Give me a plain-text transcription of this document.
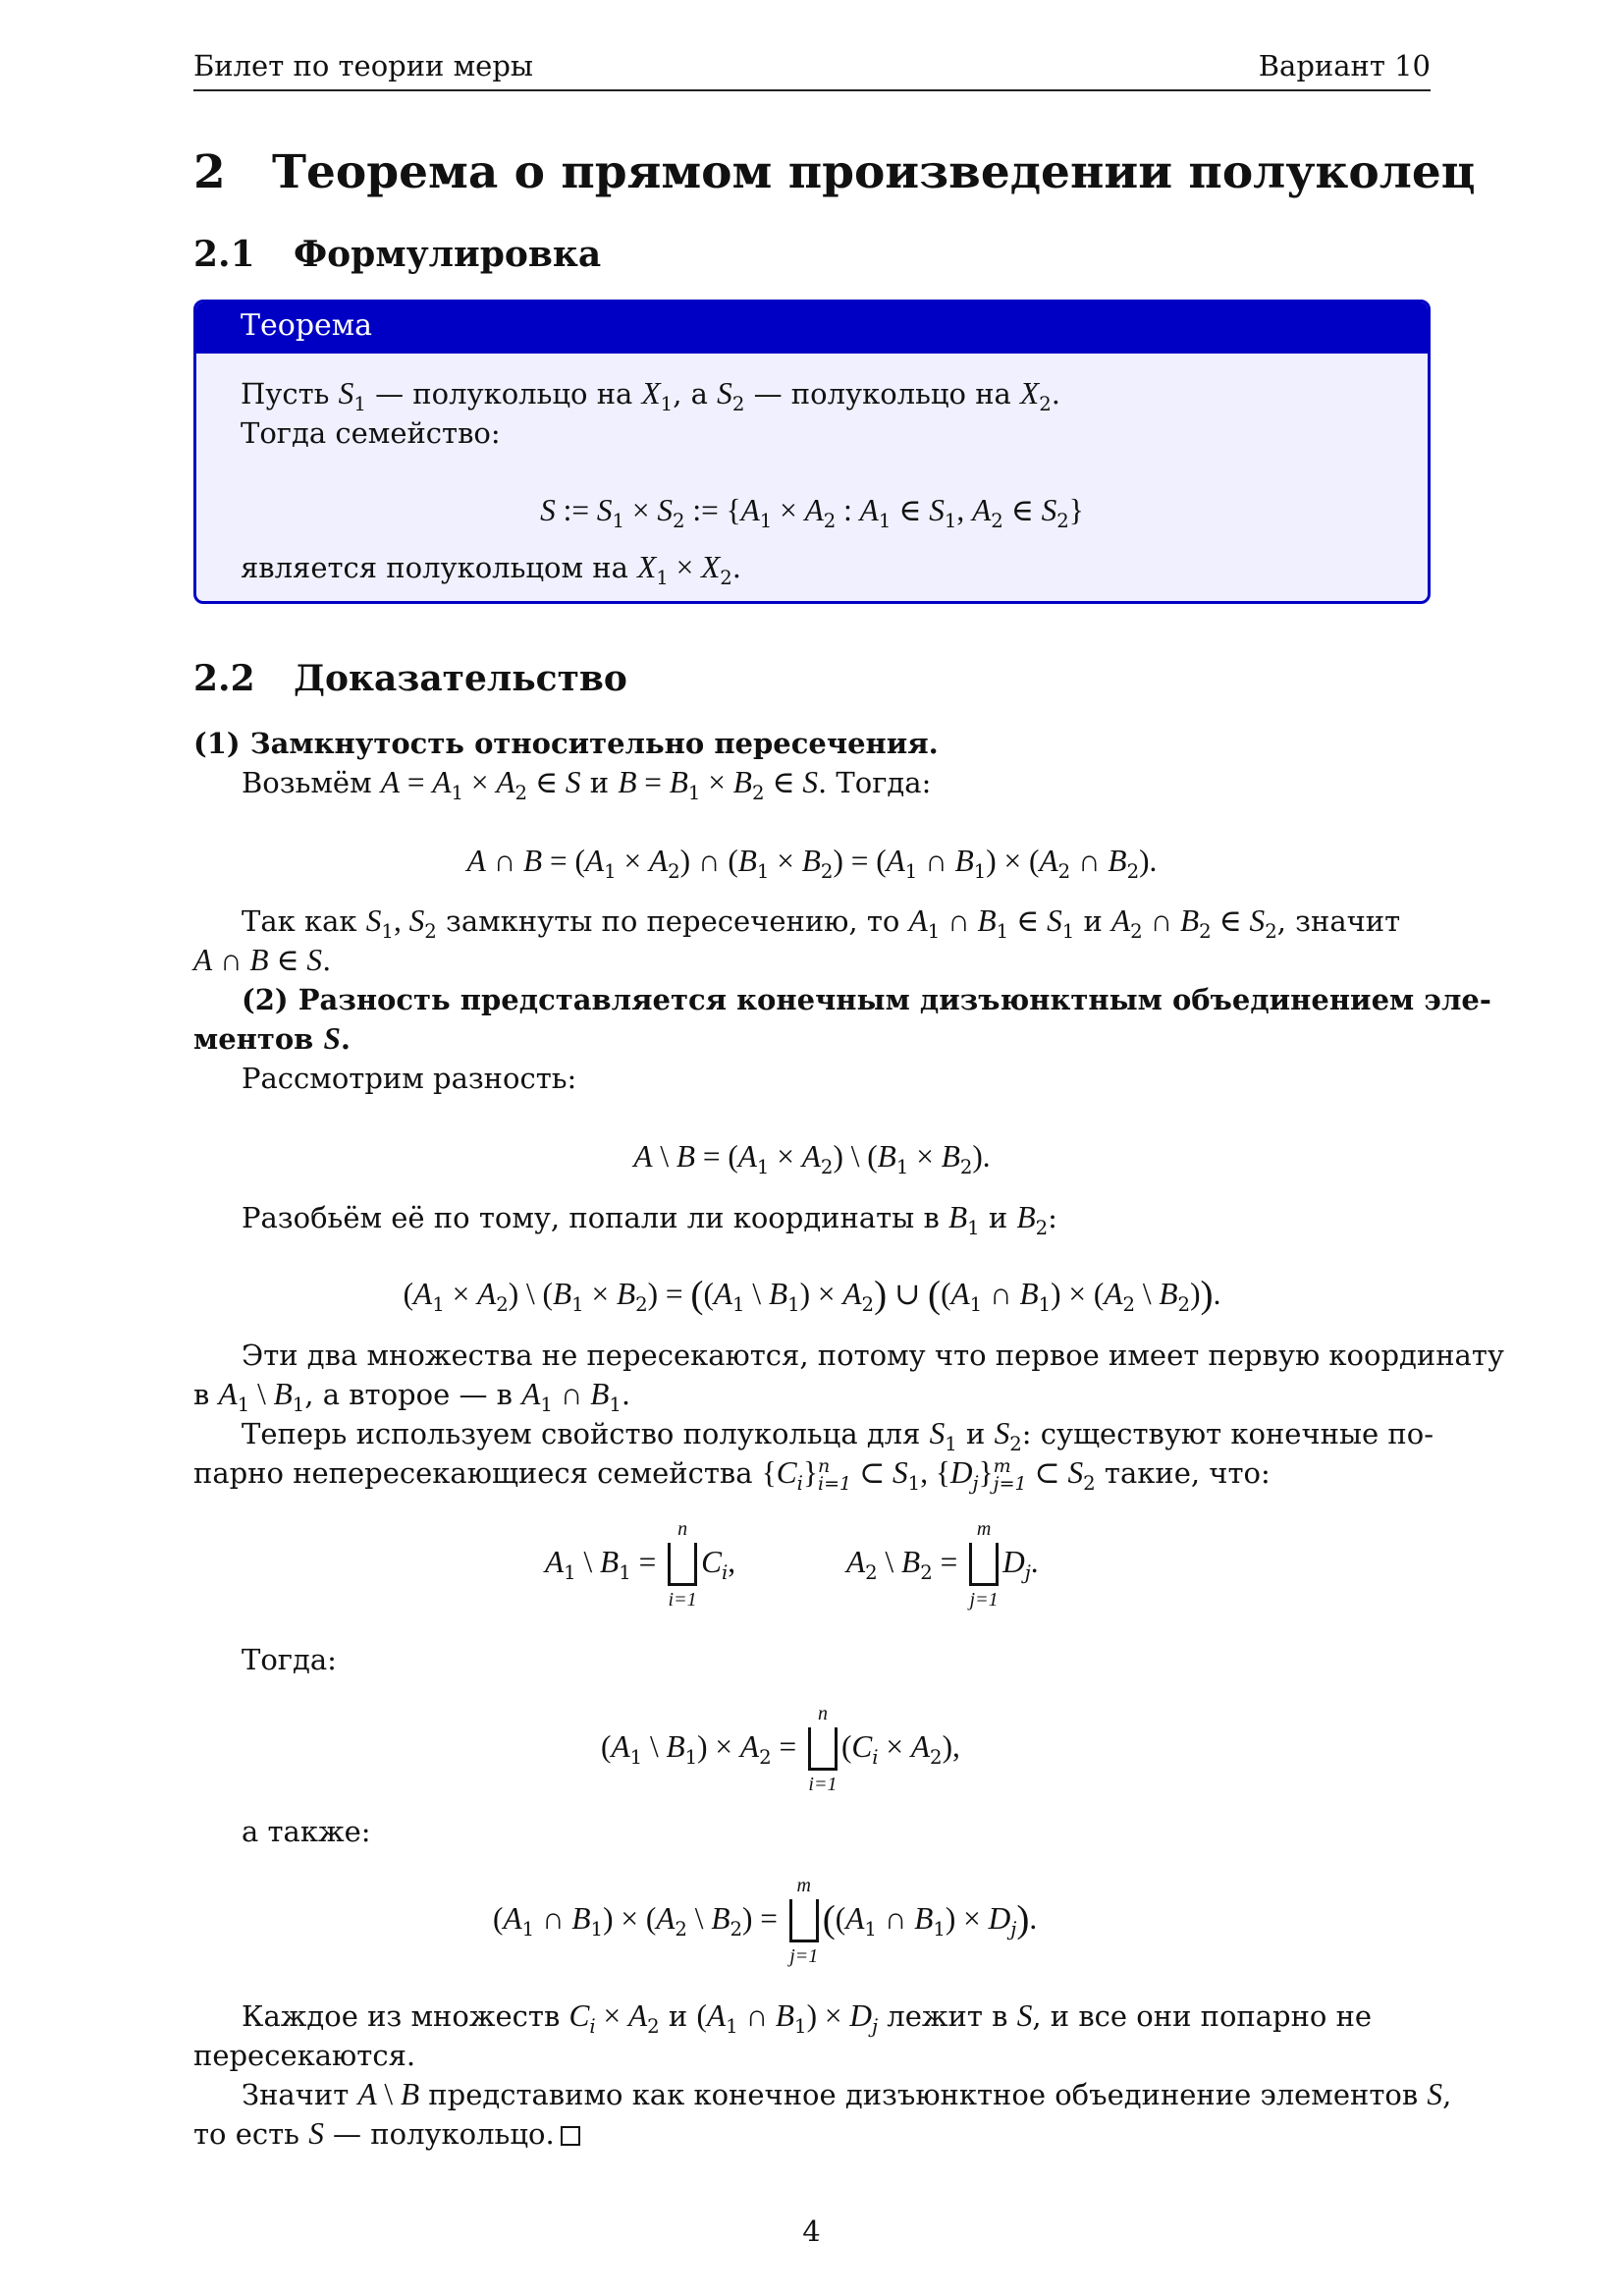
Билет по теории меры	Вариант 10
2 Теорема о прямом произведении полуколец
2.1 Формулировка
Теорема
Пусть $S_1$ — полукольцо на $X_1$, а $S_2$ — полукольцо на $X_2$.
Тогда семейство:
S := $S_1 \times S_2$ := {$A_1 \times A_2$ : $A_1$ ∈ $S_1$, $A_2$ ∈ $S_2$}
является полукольцом на $X_1 \times X_2$.
2.2 Доказательство
(1) Замкнутость относительно пересечения.
Возьмём $A = A_1 \times A_2$ ∈ S и $B = B_1 \times B_2$ ∈ S. Тогда:
A ∩ $B = (A_1 \times A_2)$ ∩ $(B_1 \times B_2) = (A_1$ ∩ $B_1) \times (A_2$ ∩ $B_2$).
Так как $S_1$, $S_2$ замкнуты по пересечению, то $A_1$ ∩ $B_1$ ∈ $S_1$ и $A_2$ ∩ $B_2$ ∈ $S_2$, значит
A ∩ B ∈ S.
(2) Разность представляется конечным дизъюнктным объединением эле-
ментов S.
Рассмотрим разность:
A \ $B = (A_1 \times A_2)$ \ $(B_1 \times B_2)$.
Разобьём её по тому, попали ли координаты в $B_1$ и $B_2$:
$(A_1 \times A_2)$ \ $(B_1 \times B_2) = ((A_1$ \ $B_1) \times A_2$) ∪ (($A_1$ ∩ $B_1) \times (A_2$ \ $B_2$)).
Эти два множества не пересекаются, потому что первое имеет первую координату
в $A_1$ \ $B_1$, а второе — в $A_1$ ∩ $B_1$.
Теперь используем свойство полукольца для $S_1$ и $S_2$: существуют конечные по-
парно непересекающиеся семейства $\{C_i\}$ n
i=1 ⊂ $S_1$, $\{D_j\}$ m
j=1 ⊂ $S_2$ такие, что:
$A_1$ \ $B_1$ =
n
i=1
$C_i$,	$A_2$ \ $B_2$ =
m
j=1
$D_j$.
Тогда:
($A_1$ \ $B_1) \times A_2$ =
n
i=1
$(C_i \times A_2)$,
а также:
($A_1$ ∩ $B_1) \times (A_2$ \ $B_2$) =
m
j=1
(($A_1$ ∩ $B_1) \times D_j$).
Каждое из множеств $C_i \times A_2$ и ($A_1$ ∩ $B_1) \times D_j$ лежит в S, и все они попарно не
пересекаются.
Значит A \ B представимо как конечное дизъюнктное объединение элементов S,
то есть S — полукольцо.
4
